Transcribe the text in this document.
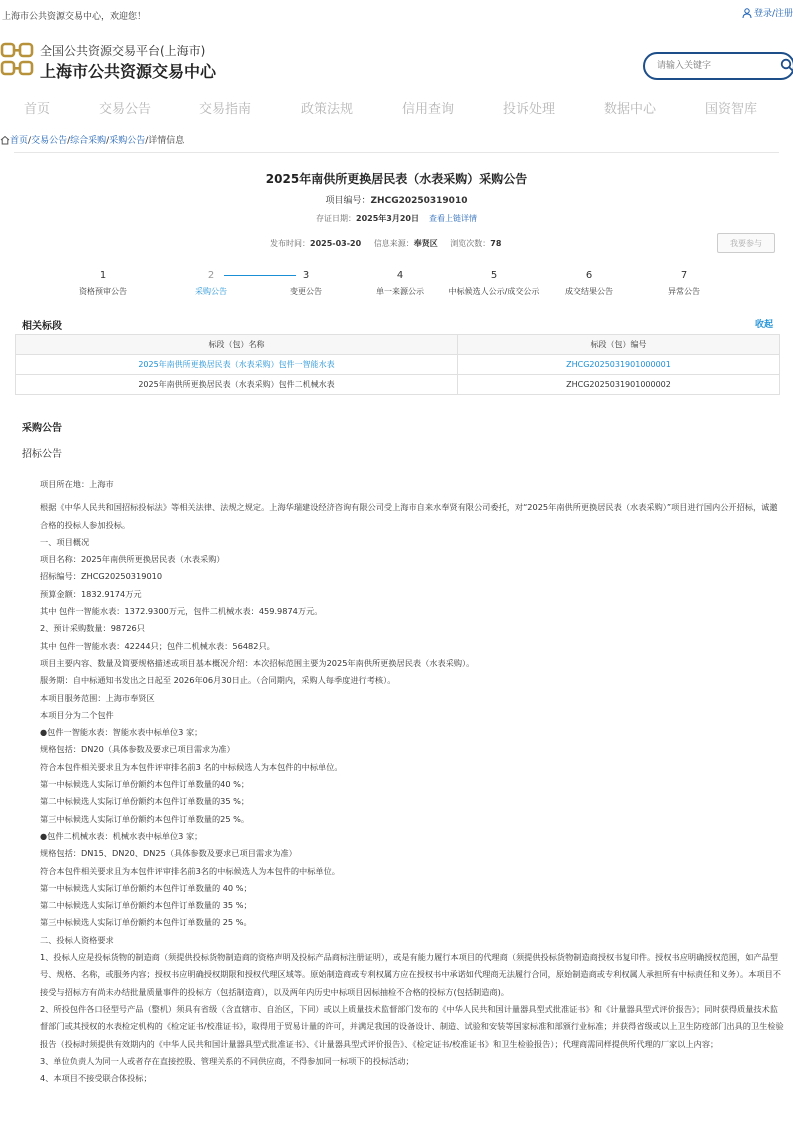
上海市公共资源交易中心，欢迎您！	登录/注册
全国公共资源交易平台(上海市)
上海市公共资源交易中心
请输入关键字
首页	交易公告	交易指南	政策法规	信用查询	投诉处理	数据中心	国资智库
首页/交易公告/综合采购/采购公告/详情信息
2025年南供所更换居民表（水表采购）采购公告
项目编号：ZHCG20250319010
存证日期：2025年3月20日 查看上链详情
发布时间：2025-03-20 信息来源：奉贤区 浏览次数：78	我要参与
1
资格预审公告
2
采购公告
3
变更公告
4
单一来源公示
5
中标候选人公示/成交公示
6
成交结果公告
7
异常公告
相关标段	收起
标段（包）名称	标段（包）编号
2025年南供所更换居民表（水表采购）包件一智能水表	ZHCG2025031901000001
2025年南供所更换居民表（水表采购）包件二机械水表	ZHCG2025031901000002
采购公告
招标公告

项目所在地：上海市

根据《中华人民共和国招标投标法》等相关法律、法规之规定。上海华瑞建设经济咨询有限公司受上海市自来水奉贤有限公司委托，对“2025年南供所更换居民表（水表采购）”项目进行国内公开招标，诚邀合格的投标人参加投标。

一、项目概况

项目名称：2025年南供所更换居民表（水表采购）

招标编号：ZHCG20250319010

预算金额：1832.9174万元

其中 包件一智能水表：1372.9300万元，包件二机械水表：459.9874万元。

2、预计采购数量：98726只

其中 包件一智能水表：42244只；包件二机械水表：56482只。

项目主要内容、数量及简要规格描述或项目基本概况介绍：本次招标范围主要为2025年南供所更换居民表（水表采购）。

服务期：自中标通知书发出之日起至 2026年06月30日止。（合同期内，采购人每季度进行考核）。

本项目服务范围：上海市奉贤区

本项目分为二个包件

●包件一智能水表：智能水表中标单位3 家；

规格包括：DN20（具体参数及要求已项目需求为准）

符合本包件相关要求且为本包件评审排名前3 名的中标候选人为本包件的中标单位。

第一中标候选人实际订单份额约本包件订单数量的40 %；

第二中标候选人实际订单份额约本包件订单数量的35 %；

第三中标候选人实际订单份额约本包件订单数量的25 %。

●包件二机械水表：机械水表中标单位3 家；

规格包括：DN15、DN20、DN25（具体参数及要求已项目需求为准）

符合本包件相关要求且为本包件评审排名前3名的中标候选人为本包件的中标单位。

第一中标候选人实际订单份额约本包件订单数量的 40 %；

第二中标候选人实际订单份额约本包件订单数量的 35 %；

第三中标候选人实际订单份额约本包件订单数量的 25 %。

二、投标人资格要求

1、投标人应是投标货物的制造商（须提供投标货物制造商的资格声明及投标产品商标注册证明），或是有能力履行本项目的代理商（须提供投标货物制造商授权书复印件。授权书应明确授权范围，如产品型号、规格、名称，或服务内容；授权书应明确授权期限和授权代理区域等。原始制造商或专利权属方应在授权书中承诺如代理商无法履行合同，原始制造商或专利权属人承担所有中标责任和义务）。本项目不接受与招标方有尚未办结批量质量事件的投标方（包括制造商），以及两年内历史中标项目因标抽检不合格的投标方(包括制造商)。

2、所投包件各口径型号产品（整机）须具有省级（含直辖市、自治区，下同）或以上质量技术监督部门发布的《中华人民共和国计量器具型式批准证书》和《计量器具型式评价报告》；同时获得质量技术监督部门或其授权的水表检定机构的《检定证书/校准证书》，取得用于贸易计量的许可，并满足我国的设备设计、制造、试验和安装等国家标准和部颁行业标准；并获得省级或以上卫生防疫部门出具的卫生检验报告（投标时须提供有效期内的《中华人民共和国计量器具型式批准证书》、《计量器具型式评价报告》、《检定证书/校准证书》和卫生检验报告）；代理商需同样提供所代理的厂家以上内容；

3、单位负责人为同一人或者存在直接控股、管理关系的不同供应商，不得参加同一标项下的投标活动；

4、本项目不接受联合体投标；
